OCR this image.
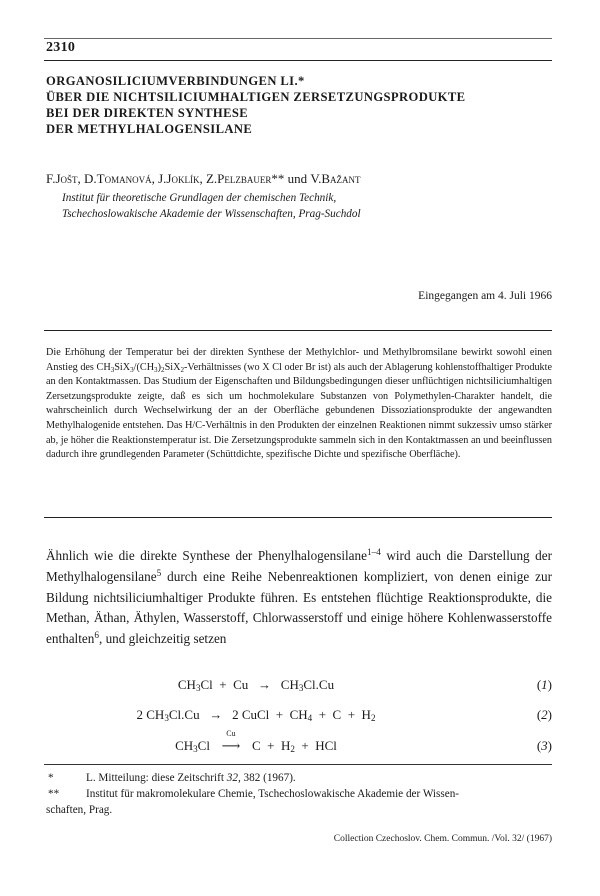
2310
ORGANOSILICIUMVERBINDUNGEN LI.*
ÜBER DIE NICHTSILICIUMHALTIGEN ZERSETZUNGSPRODUKTE
BEI DER DIREKTEN SYNTHESE
DER METHYLHALOGENSILANE
F.Jošt, D.Tomanová, J.Joklík, Z.Pelzbauer** und V.Bažant
Institut für theoretische Grundlagen der chemischen Technik,
Tschechoslowakische Akademie der Wissenschaften, Prag-Suchdol
Eingegangen am 4. Juli 1966
Die Erhöhung der Temperatur bei der direkten Synthese der Methylchlor- und Methylbromsilane bewirkt sowohl einen Anstieg des $CH_3SiX_3/(CH_3)_2SiX_2$-Verhältnisses (wo X Cl oder Br ist) als auch der Ablagerung kohlenstoffhaltiger Produkte an den Kontaktmassen. Das Studium der Eigenschaften und Bildungsbedingungen dieser unflüchtigen nichtsiliciumhaltigen Zersetzungsprodukte zeigte, daß es sich um hochmolekulare Substanzen von Polymethylen-Charakter handelt, die wahrscheinlich durch Wechselwirkung der an der Oberfläche gebundenen Dissoziationsprodukte der angewandten Methylhalogenide entstehen. Das H/C-Verhältnis in den Produkten der einzelnen Reaktionen nimmt sukzessiv umso stärker ab, je höher die Reaktionstemperatur ist. Die Zersetzungsprodukte sammeln sich in den Kontaktmassen an und beeinflussen dadurch ihre grundlegenden Parameter (Schüttdichte, spezifische Dichte und spezifische Oberfläche).
Ähnlich wie die direkte Synthese der Phenylhalogensilane$^{1-4}$ wird auch die Darstellung der Methylhalogensilane$^5$ durch eine Reihe Nebenreaktionen kompliziert, von denen einige zur Bildung nichtsiliciumhaltiger Produkte führen. Es entstehen flüchtige Reaktionsprodukte, die Methan, Äthan, Äthylen, Wasserstoff, Chlorwasserstoff und einige höhere Kohlenwasserstoffe enthalten$^6$, und gleichzeitig setzen
$CH_3Cl + Cu \to CH_3Cl.Cu$	(1)
2 $CH_3Cl.Cu \to 2$ CuCl  +  $CH_4 + C + H_2$	(2)
$CH_3Cl$
Cu
⟶ $C + H_2$  +  HCl	(3)
*	L. Mitteilung: diese Zeitschrift 32, 382 (1967).
** Institut für makromolekulare Chemie, Tschechoslowakische Akademie der Wissen-
schaften, Prag.
Collection Czechoslov. Chem. Commun. /Vol. 32/ (1967)
